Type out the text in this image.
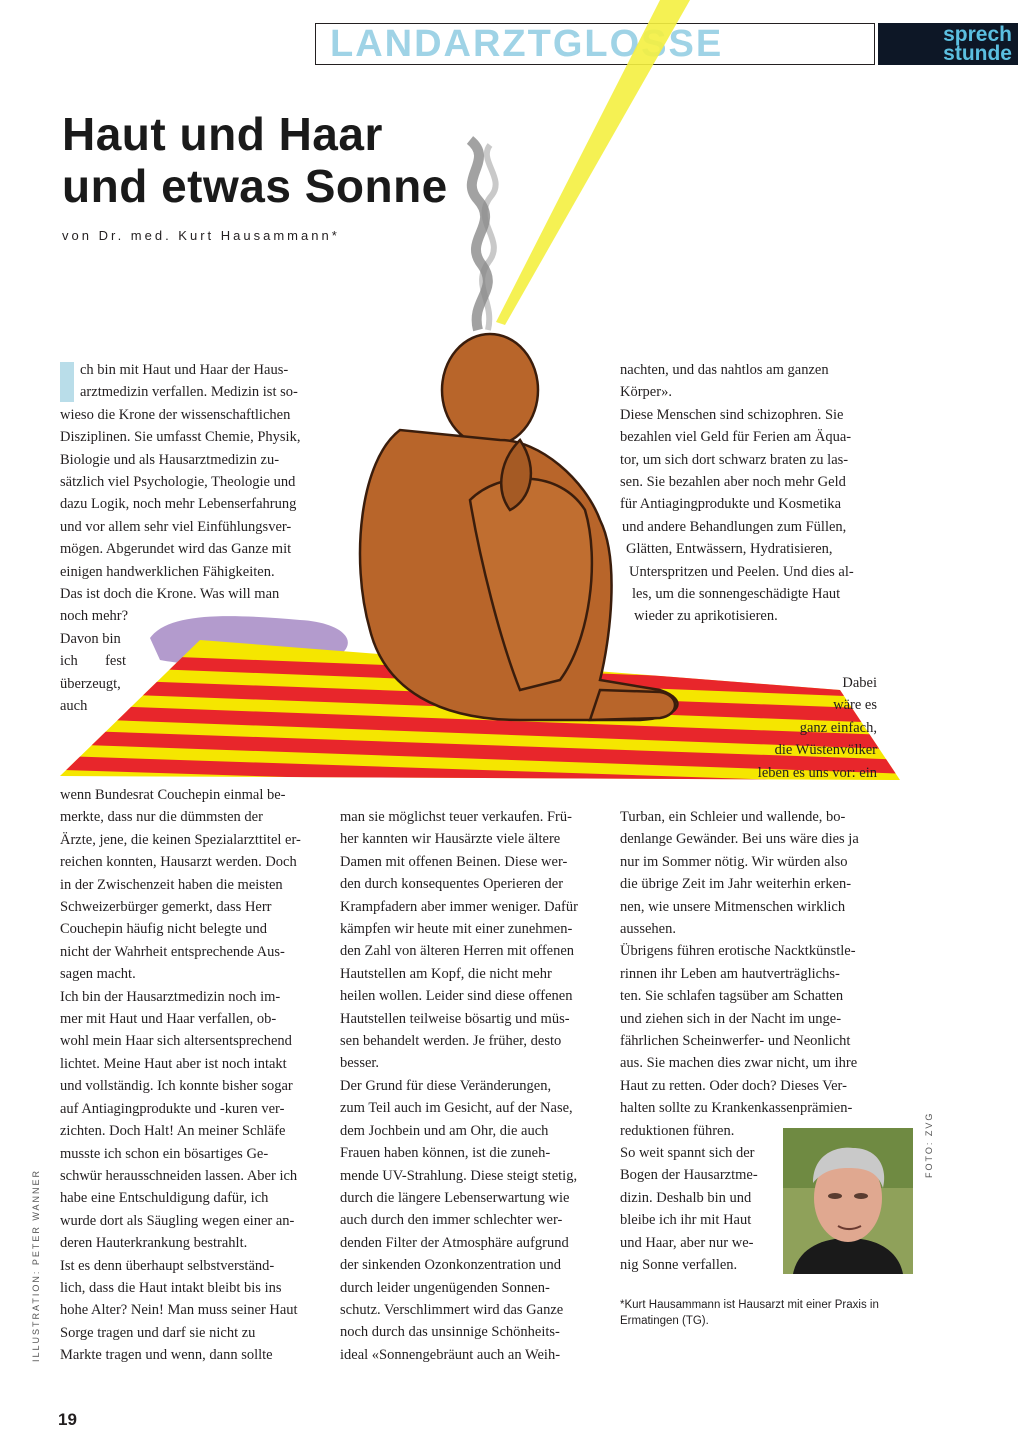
LANDARZTGLOSSE	sprech
stunde
Haut und Haar
und etwas Sonne
von Dr. med. Kurt Hausammann*

ch bin mit Haut und Haar der Haus-

arztmedizin verfallen. Medizin ist so-

wieso die Krone der wissenschaftlichen

Disziplinen. Sie umfasst Chemie, Physik,

Biologie und als Hausarztmedizin zu-

sätzlich viel Psychologie, Theologie und

dazu Logik, noch mehr Lebenserfahrung

und vor allem sehr viel Einfühlungsver-

mögen. Abgerundet wird das Ganze mit

einigen handwerklichen Fähigkeiten.

Das ist doch die Krone. Was will man

noch mehr?

Davon bin

ich fest

überzeugt,

auch

nachten, und das nahtlos am ganzen

Körper».

Diese Menschen sind schizophren. Sie

bezahlen viel Geld für Ferien am Äqua-

tor, um sich dort schwarz braten zu las-

sen. Sie bezahlen aber noch mehr Geld

für Antiagingprodukte und Kosmetika

und andere Behandlungen zum Füllen,

Glätten, Entwässern, Hydratisieren,

Unterspritzen und Peelen. Und dies al-

les, um die sonnengeschädigte Haut

wieder zu aprikotisieren.

Dabei

wäre es

ganz einfach,

die Wüstenvölker

leben es uns vor: ein

wenn Bundesrat Couchepin einmal be-

merkte, dass nur die dümmsten der

Ärzte, jene, die keinen Spezialarzttitel er-

reichen konnten, Hausarzt werden. Doch

in der Zwischenzeit haben die meisten

Schweizerbürger gemerkt, dass Herr

Couchepin häufig nicht belegte und

nicht der Wahrheit entsprechende Aus-

sagen macht.

Ich bin der Hausarztmedizin noch im-

mer mit Haut und Haar verfallen, ob-

wohl mein Haar sich altersentsprechend

lichtet. Meine Haut aber ist noch intakt

und vollständig. Ich konnte bisher sogar

auf Antiagingprodukte und -kuren ver-

zichten. Doch Halt! An meiner Schläfe

musste ich schon ein bösartiges Ge-

schwür herausschneiden lassen. Aber ich

habe eine Entschuldigung dafür, ich

wurde dort als Säugling wegen einer an-

deren Hauterkrankung bestrahlt.

Ist es denn überhaupt selbstverständ-

lich, dass die Haut intakt bleibt bis ins

hohe Alter? Nein! Man muss seiner Haut

Sorge tragen und darf sie nicht zu

Markte tragen und wenn, dann sollte

man sie möglichst teuer verkaufen. Frü-

her kannten wir Hausärzte viele ältere

Damen mit offenen Beinen. Diese wer-

den durch konsequentes Operieren der

Krampfadern aber immer weniger. Dafür

kämpfen wir heute mit einer zunehmen-

den Zahl von älteren Herren mit offenen

Hautstellen am Kopf, die nicht mehr

heilen wollen. Leider sind diese offenen

Hautstellen teilweise bösartig und müs-

sen behandelt werden. Je früher, desto

besser.

Der Grund für diese Veränderungen,

zum Teil auch im Gesicht, auf der Nase,

dem Jochbein und am Ohr, die auch

Frauen haben können, ist die zuneh-

mende UV-Strahlung. Diese steigt stetig,

durch die längere Lebenserwartung wie

auch durch den immer schlechter wer-

denden Filter der Atmosphäre aufgrund

der sinkenden Ozonkonzentration und

durch leider ungenügenden Sonnen-

schutz. Verschlimmert wird das Ganze

noch durch das unsinnige Schönheits-

ideal «Sonnengebräunt auch an Weih-

Turban, ein Schleier und wallende, bo-

denlange Gewänder. Bei uns wäre dies ja

nur im Sommer nötig. Wir würden also

die übrige Zeit im Jahr weiterhin erken-

nen, wie unsere Mitmenschen wirklich

aussehen.

Übrigens führen erotische Nacktkünstle-

rinnen ihr Leben am hautverträglichs-

ten. Sie schlafen tagsüber am Schatten

und ziehen sich in der Nacht im unge-

fährlichen Scheinwerfer- und Neonlicht

aus. Sie machen dies zwar nicht, um ihre

Haut zu retten. Oder doch? Dieses Ver-

halten sollte zu Krankenkassenprämien-

reduktionen führen.

So weit spannt sich der

Bogen der Hausarztme-

dizin. Deshalb bin und

bleibe ich ihr mit Haut

und Haar, aber nur we-

nig Sonne verfallen.

*Kurt Hausammann ist Hausarzt mit einer Praxis in
Ermatingen (TG).
ILLUSTRATION: PETER WANNER
FOTO: ZVG
19
